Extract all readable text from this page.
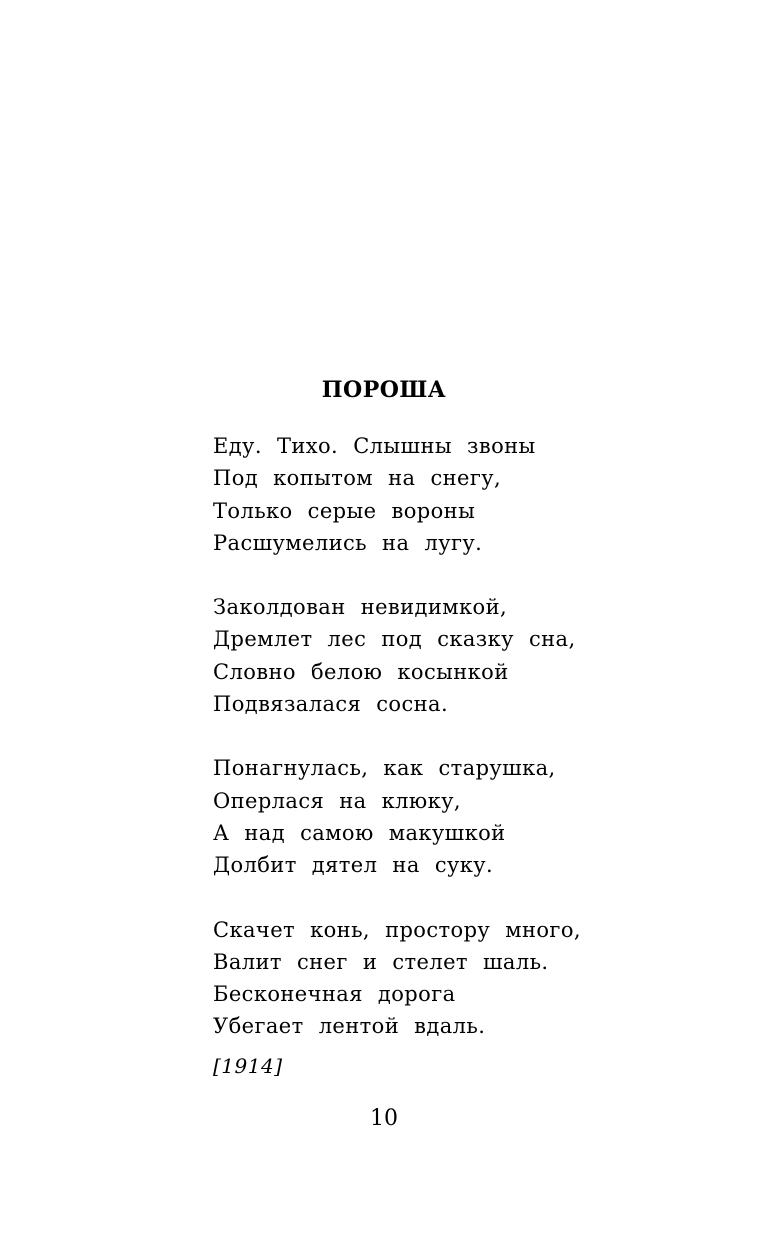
ПОРОША
Еду. Тихо. Слышны звоны
Под копытом на снегу,
Только серые вороны
Расшумелись на лугу.
Заколдован невидимкой,
Дремлет лес под сказку сна,
Словно белою косынкой
Подвязалася сосна.
Понагнулась, как старушка,
Оперлася на клюку,
А над самою макушкой
Долбит дятел на суку.
Скачет конь, простору много,
Валит снег и стелет шаль.
Бесконечная дорога
Убегает лентой вдаль.
[1914]
10
